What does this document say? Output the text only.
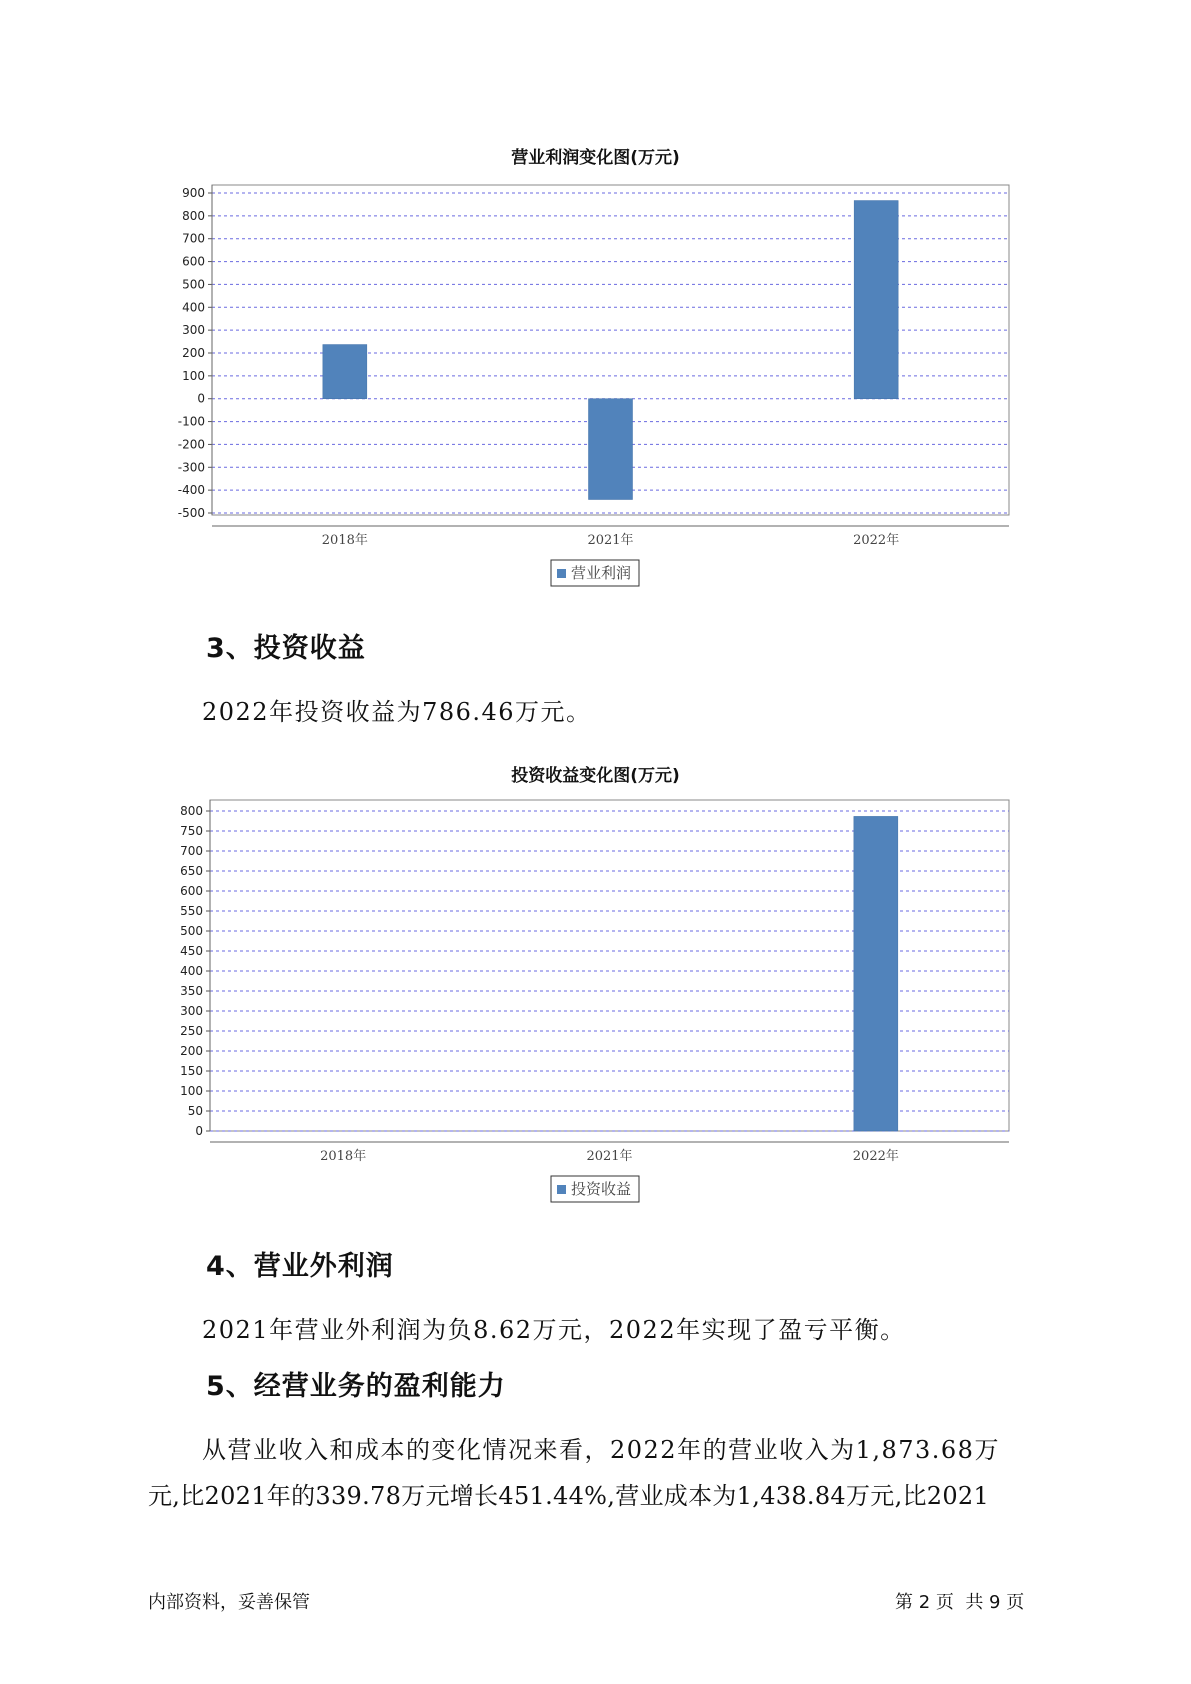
营业利润变化图(万元)
900
800
700
600
500
400
300
200
100
0
-100
-200
-300
-400
-500
2018年	2021年	2022年
营业利润
3、投资收益
2022年投资收益为786.46万元。
投资收益变化图(万元)
800
750
700
650
600
550
500
450
400
350
300
250
200
150
100
50
0
2018年	2021年	2022年
投资收益
4、营业外利润
2021年营业外利润为负8.62万元，2022年实现了盈亏平衡。
5、经营业务的盈利能力
从营业收入和成本的变化情况来看，2022年的营业收入为1,873.68万
元,比2021年的339.78万元增长451.44%,营业成本为1,438.84万元,比2021
内部资料，妥善保管	第 2 页  共 9 页
